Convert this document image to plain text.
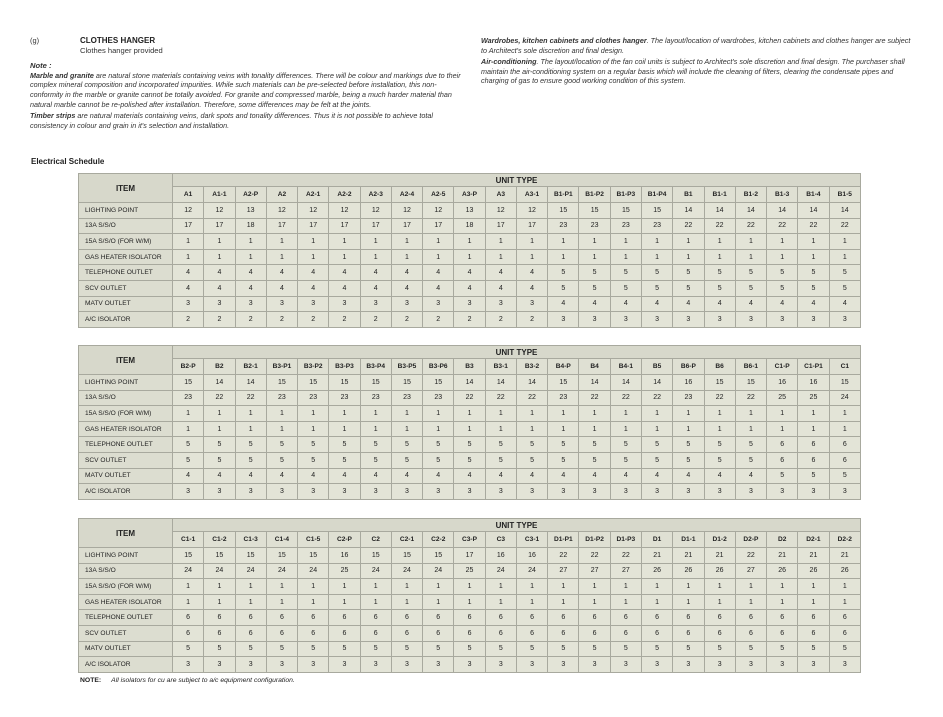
(g)	CLOTHES HANGER
Clothes hanger provided
Note :

Marble and granite are natural stone materials containing veins with tonality differences. There will be colour and markings due to their complex mineral composition and incorporated impurities. While such materials can be pre-selected before installation, this non-conformity in the marble or granite cannot be totally avoided. For granite and compressed marble, being a much harder material than natural marble cannot be re-polished after installation. Therefore, some differences may be felt at the joints.

Timber strips are natural materials containing veins, dark spots and tonality differences. Thus it is not possible to achieve total consistency in colour and grain in it's selection and installation.

Wardrobes, kitchen cabinets and clothes hanger. The layout/location of wardrobes, kitchen cabinets and clothes hanger are subject to Architect's sole discretion and final design.

Air-conditioning. The layout/location of the fan coil units is subject to Architect's sole discretion and final design. The purchaser shall maintain the air-conditioning system on a regular basis which will include the cleaning of filters, clearing the condensate pipes and charging of gas to ensure good working condition of this system.

Electrical Schedule
ITEM	UNIT TYPE																					
	A1	A1-1	A2-P	A2	A2-1	A2-2	A2-3	A2-4	A2-5	A3-P	A3	A3-1	B1-P1	B1-P2	B1-P3	B1-P4	B1	B1-1	B1-2	B1-3	B1-4	B1-5
LIGHTING POINT	12	12	13	12	12	12	12	12	12	13	12	12	15	15	15	15	14	14	14	14	14	14
13A S/S/O	17	17	18	17	17	17	17	17	17	18	17	17	23	23	23	23	22	22	22	22	22	22
15A S/S/O (FOR W/M)	1	1	1	1	1	1	1	1	1	1	1	1	1	1	1	1	1	1	1	1	1	1
GAS HEATER ISOLATOR	1	1	1	1	1	1	1	1	1	1	1	1	1	1	1	1	1	1	1	1	1	1
TELEPHONE OUTLET	4	4	4	4	4	4	4	4	4	4	4	4	5	5	5	5	5	5	5	5	5	5
SCV OUTLET	4	4	4	4	4	4	4	4	4	4	4	4	5	5	5	5	5	5	5	5	5	5
MATV OUTLET	3	3	3	3	3	3	3	3	3	3	3	3	4	4	4	4	4	4	4	4	4	4
A/C ISOLATOR	2	2	2	2	2	2	2	2	2	2	2	2	3	3	3	3	3	3	3	3	3	3
ITEM	UNIT TYPE																					
	B2-P	B2	B2-1	B3-P1	B3-P2	B3-P3	B3-P4	B3-P5	B3-P6	B3	B3-1	B3-2	B4-P	B4	B4-1	B5	B6-P	B6	B6-1	C1-P	C1-P1	C1
LIGHTING POINT	15	14	14	15	15	15	15	15	15	14	14	14	15	14	14	14	16	15	15	16	16	15
13A S/S/O	23	22	22	23	23	23	23	23	23	22	22	22	23	22	22	22	23	22	22	25	25	24
15A S/S/O (FOR W/M)	1	1	1	1	1	1	1	1	1	1	1	1	1	1	1	1	1	1	1	1	1	1
GAS HEATER ISOLATOR	1	1	1	1	1	1	1	1	1	1	1	1	1	1	1	1	1	1	1	1	1	1
TELEPHONE OUTLET	5	5	5	5	5	5	5	5	5	5	5	5	5	5	5	5	5	5	5	6	6	6
SCV OUTLET	5	5	5	5	5	5	5	5	5	5	5	5	5	5	5	5	5	5	5	6	6	6
MATV OUTLET	4	4	4	4	4	4	4	4	4	4	4	4	4	4	4	4	4	4	4	5	5	5
A/C ISOLATOR	3	3	3	3	3	3	3	3	3	3	3	3	3	3	3	3	3	3	3	3	3	3
ITEM	UNIT TYPE																					
	C1-1	C1-2	C1-3	C1-4	C1-5	C2-P	C2	C2-1	C2-2	C3-P	C3	C3-1	D1-P1	D1-P2	D1-P3	D1	D1-1	D1-2	D2-P	D2	D2-1	D2-2
LIGHTING POINT	15	15	15	15	15	16	15	15	15	17	16	16	22	22	22	21	21	21	22	21	21	21
13A S/S/O	24	24	24	24	24	25	24	24	24	25	24	24	27	27	27	26	26	26	27	26	26	26
15A S/S/O (FOR W/M)	1	1	1	1	1	1	1	1	1	1	1	1	1	1	1	1	1	1	1	1	1	1
GAS HEATER ISOLATOR	1	1	1	1	1	1	1	1	1	1	1	1	1	1	1	1	1	1	1	1	1	1
TELEPHONE OUTLET	6	6	6	6	6	6	6	6	6	6	6	6	6	6	6	6	6	6	6	6	6	6
SCV OUTLET	6	6	6	6	6	6	6	6	6	6	6	6	6	6	6	6	6	6	6	6	6	6
MATV OUTLET	5	5	5	5	5	5	5	5	5	5	5	5	5	5	5	5	5	5	5	5	5	5
A/C ISOLATOR	3	3	3	3	3	3	3	3	3	3	3	3	3	3	3	3	3	3	3	3	3	3
NOTE: All isolators for cu are subject to a/c equipment configuration.
